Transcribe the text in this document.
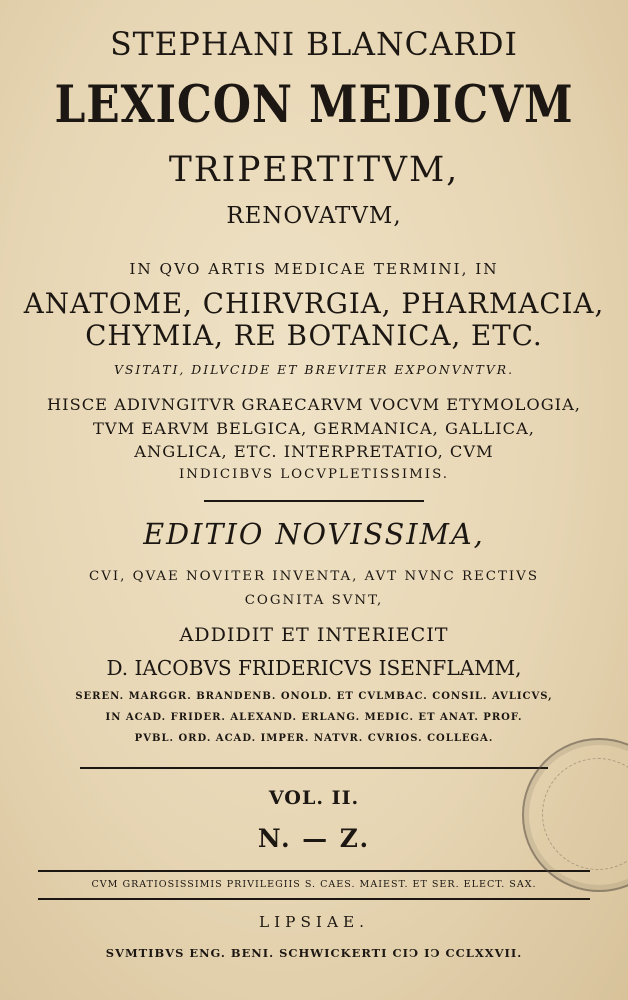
STEPHANI BLANCARDI
LEXICON MEDICVM
TRIPERTITVM,
RENOVATVM,
IN QVO ARTIS MEDICAE TERMINI, IN
ANATOME, CHIRVRGIA, PHARMACIA,
CHYMIA, RE BOTANICA, ETC.
VSITATI, DILVCIDE ET BREVITER EXPONVNTVR.
HISCE ADIVNGITVR GRAECARVM VOCVM ETYMOLOGIA,
TVM EARVM BELGICA, GERMANICA, GALLICA,
ANGLICA, ETC. INTERPRETATIO, CVM
INDICIBVS LOCVPLETISSIMIS.
EDITIO NOVISSIMA,
CVI, QVAE NOVITER INVENTA, AVT NVNC RECTIVS
COGNITA SVNT,
ADDIDIT ET INTERIECIT
D. IACOBVS FRIDERICVS ISENFLAMM,
SEREN. MARGGR. BRANDENB. ONOLD. ET CVLMBAC. CONSIL. AVLICVS,
IN ACAD. FRIDER. ALEXAND. ERLANG. MEDIC. ET ANAT. PROF.
PVBL. ORD. ACAD. IMPER. NATVR. CVRIOS. COLLEGA.
VOL. II.
N. — Z.
CVM GRATIOSISSIMIS PRIVILEGIIS S. CAES. MAIEST. ET SER. ELECT. SAX.
LIPSIAE.
SVMTIBVS ENG. BENI. SCHWICKERTI CIϽ IϽ CCLXXVII.
